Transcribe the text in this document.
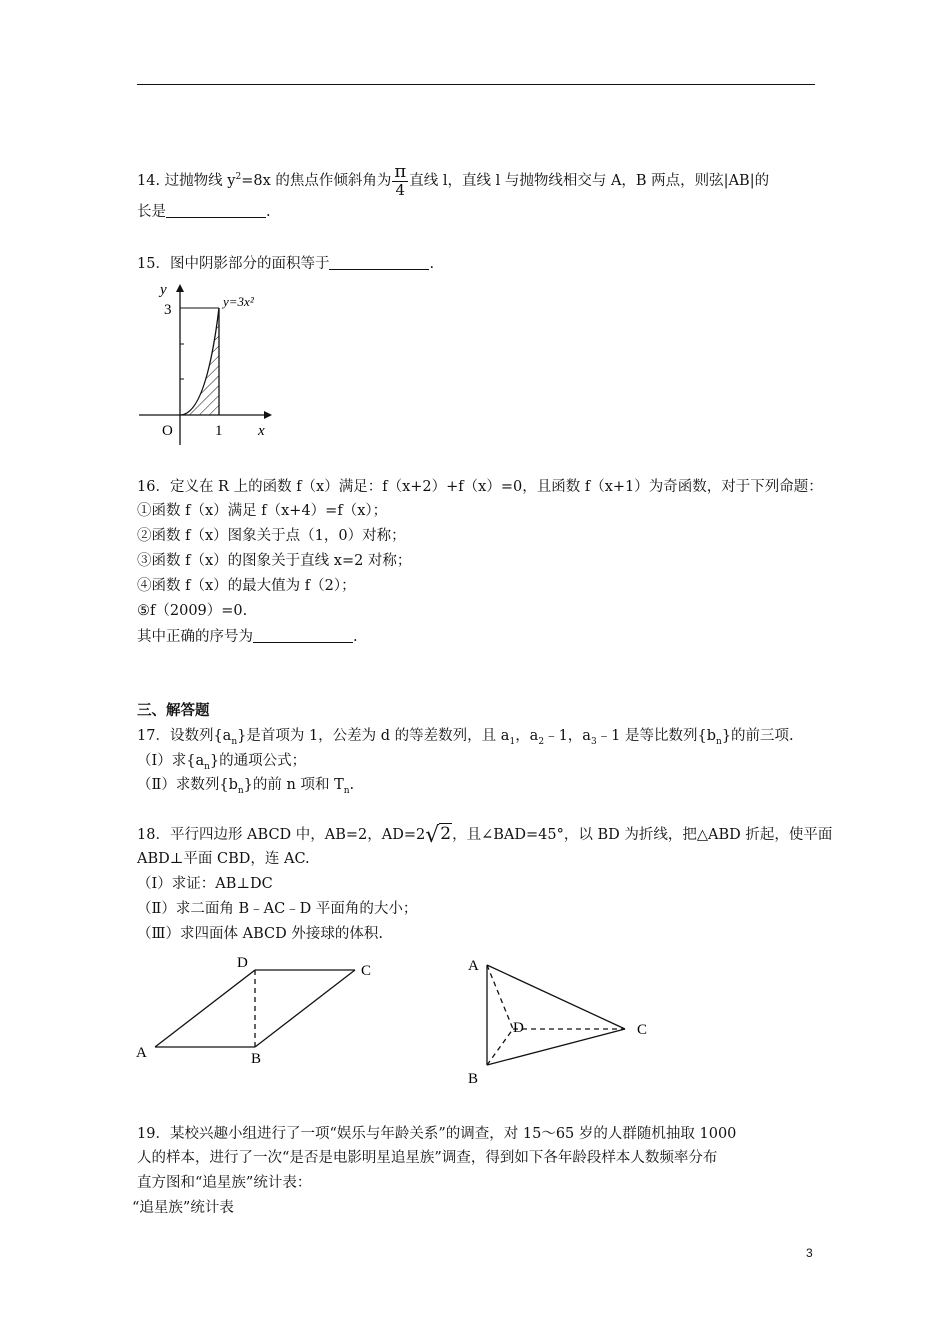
14. 过抛物线 $y^2=8x$ 的焦点作倾斜角为 $\frac{\pi}{4}$ 直线 l，直线 l 与抛物线相交与 A，B 两点，则弦|AB|的
长是	.
15．图中阴影部分的面积等于	.
y
3
y=3x²
O	1 x
16．定义在 R 上的函数 f（x）满足：f（x+2）+f（x）=0，且函数 f（x+1）为奇函数，对于下列命题：
①函数 f（x）满足 f（x+4）=f（x）；
②函数 f（x）图象关于点（1，0）对称；
③函数 f（x）的图象关于直线 x=2 对称；
④函数 f（x）的最大值为 f（2）；
⑤f（2009）=0.
其中正确的序号为	.
三、解答题
17．设数列$\{a_n\}$是首项为 1，公差为 d 的等差数列，且 $a_1$，$a_2﹣1$，$a_3﹣1$ 是等比数列$\{b_n\}$的前三项.
（Ⅰ）求$\{a_n\}$的通项公式；
（Ⅱ）求数列$\{b_n\}$的前 n 项和 $T_n$.
18．平行四边形 ABCD 中，AB=2，AD=2√2，且∠BAD=45°，以 BD 为折线，把△ABD 折起，使平面
ABD⊥平面 CBD，连 AC.
（Ⅰ）求证：AB⊥DC
（Ⅱ）求二面角 B﹣AC﹣D 平面角的大小；
（Ⅲ）求四面体 ABCD 外接球的体积.
A	B
C
D	A
B
C
D
19．某校兴趣小组进行了一项“娱乐与年龄关系”的调查，对 15～65 岁的人群随机抽取 1000
人的样本，进行了一次“是否是电影明星追星族”调查，得到如下各年龄段样本人数频率分布
直方图和“追星族”统计表：
“追星族”统计表
3
